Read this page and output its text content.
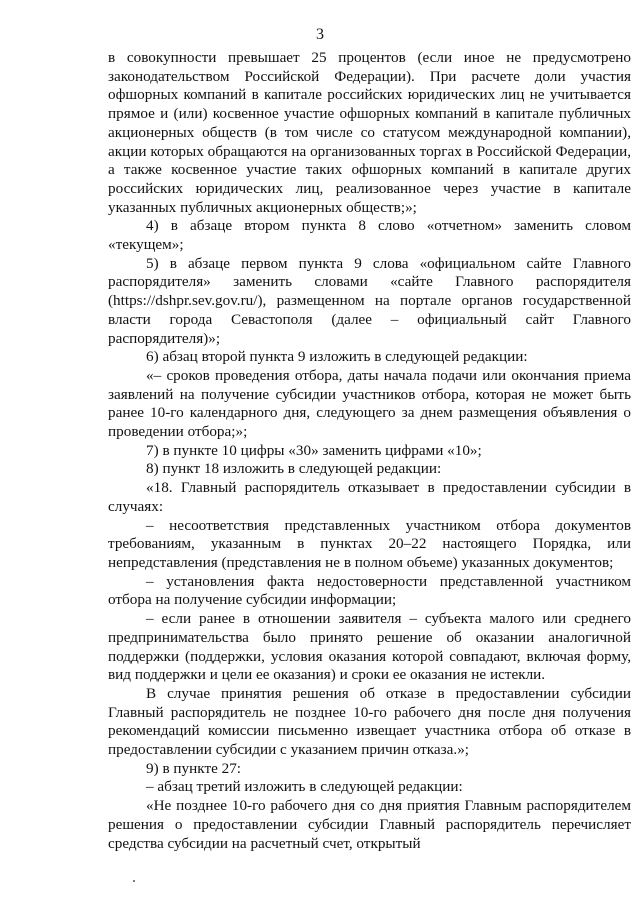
3

в совокупности превышает 25 процентов (если иное не предусмотрено законодательством Российской Федерации). При расчете доли участия офшорных компаний в капитале российских юридических лиц не учитывается прямое и (или) косвенное участие офшорных компаний в капитале публичных акционерных обществ (в том числе со статусом международной компании), акции которых обращаются на организованных торгах в Российской Федерации, а также косвенное участие таких офшорных компаний в капитале других российских юридических лиц, реализованное через участие в капитале указанных публичных акционерных обществ;»;

4) в абзаце втором пункта 8 слово «отчетном» заменить словом «текущем»;

5) в абзаце первом пункта 9 слова «официальном сайте Главного распорядителя» заменить словами «сайте Главного распорядителя (https://dshpr.sev.gov.ru/), размещенном на портале органов государственной власти города Севастополя (далее – официальный сайт Главного распорядителя)»;

6) абзац второй пункта 9 изложить в следующей редакции:

«– сроков проведения отбора, даты начала подачи или окончания приема заявлений на получение субсидии участников отбора, которая не может быть ранее 10-го календарного дня, следующего за днем размещения объявления о проведении отбора;»;

7) в пункте 10 цифры «30» заменить цифрами «10»;

8) пункт 18 изложить в следующей редакции:

«18. Главный распорядитель отказывает в предоставлении субсидии в случаях:

– несоответствия представленных участником отбора документов требованиям, указанным в пунктах 20–22 настоящего Порядка, или непредставления (представления не в полном объеме) указанных документов;

– установления факта недостоверности представленной участником отбора на получение субсидии информации;

– если ранее в отношении заявителя – субъекта малого или среднего предпринимательства было принято решение об оказании аналогичной поддержки (поддержки, условия оказания которой совпадают, включая форму, вид поддержки и цели ее оказания) и сроки ее оказания не истекли.

В случае принятия решения об отказе в предоставлении субсидии Главный распорядитель не позднее 10-го рабочего дня после дня получения рекомендаций комиссии письменно извещает участника отбора об отказе в предоставлении субсидии с указанием причин отказа.»;

9) в пункте 27:

– абзац третий изложить в следующей редакции:

«Не позднее 10-го рабочего дня со дня приятия Главным распорядителем решения о предоставлении субсидии Главный распорядитель перечисляет средства субсидии на расчетный счет, открытый
